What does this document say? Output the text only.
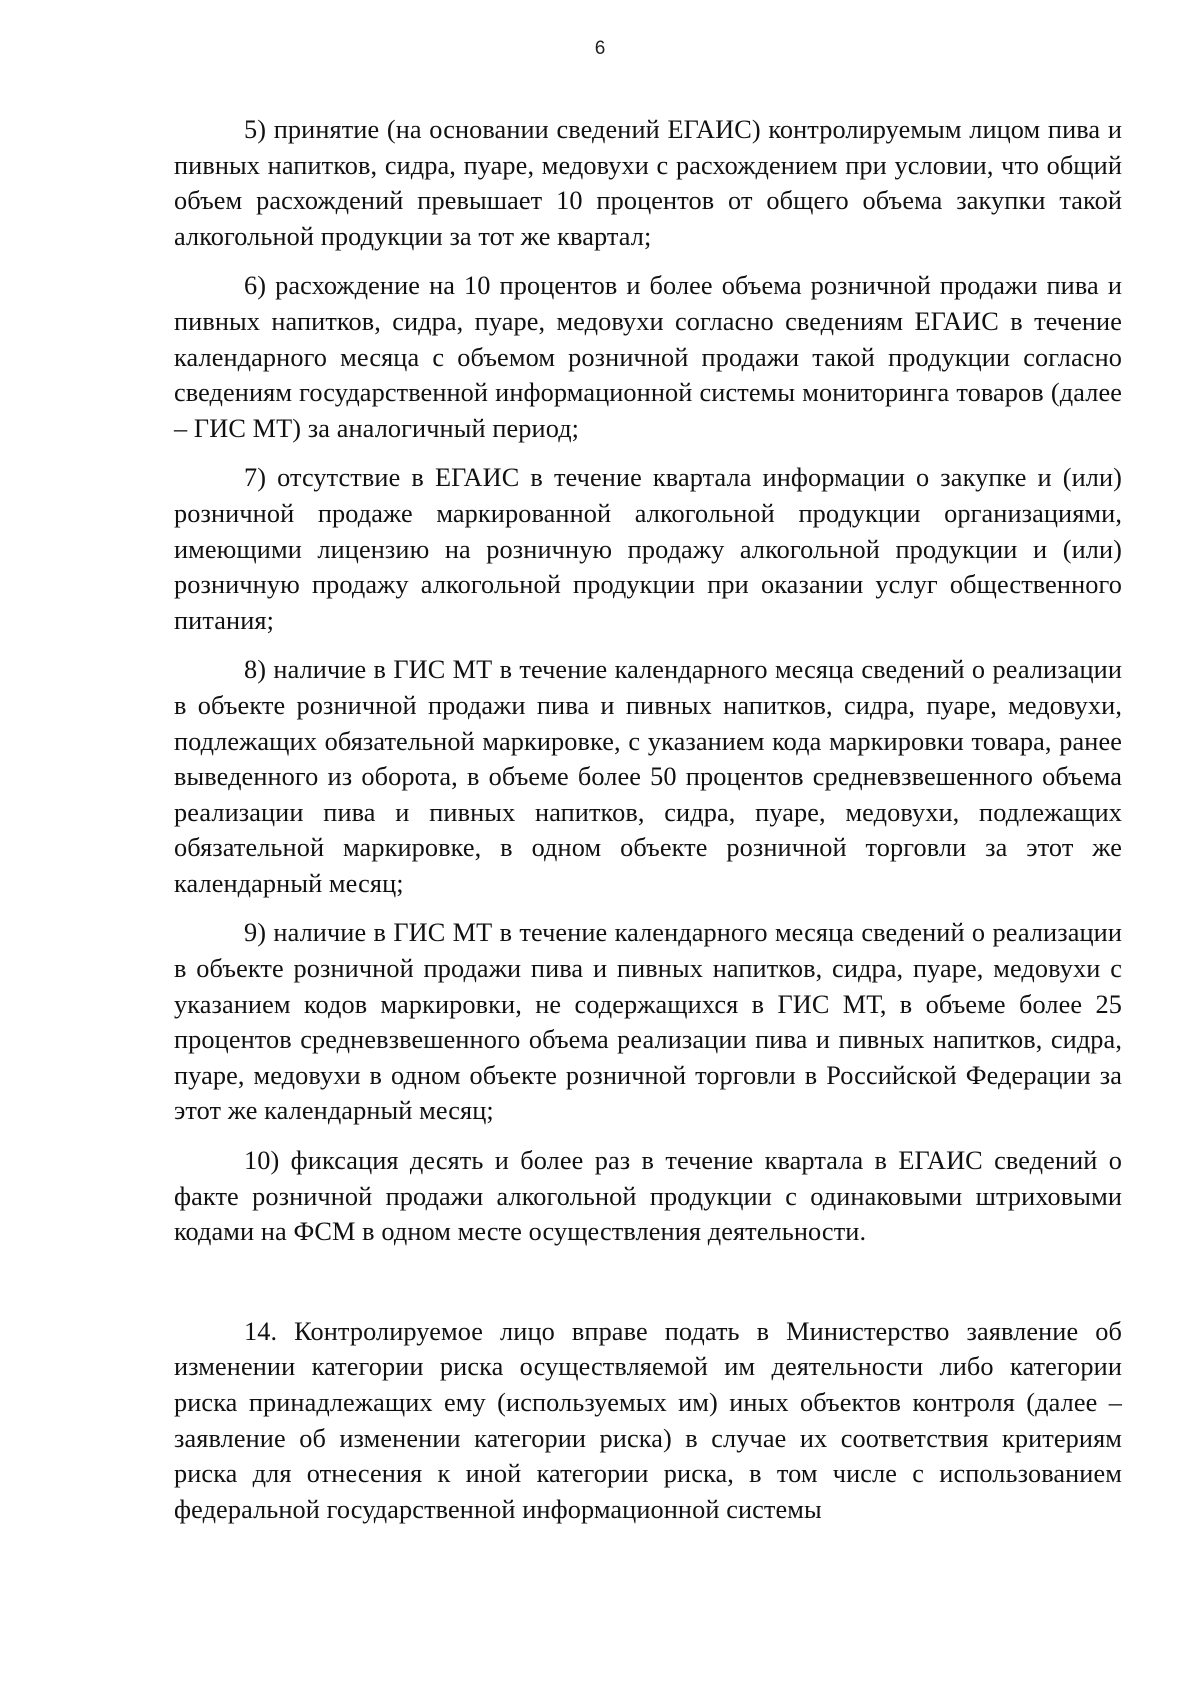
6

5) принятие (на основании сведений ЕГАИС) контролируемым лицом пива и пивных напитков, сидра, пуаре, медовухи с расхождением при условии, что общий объем расхождений превышает 10 процентов от общего объема закупки такой алкогольной продукции за тот же квартал;

6) расхождение на 10 процентов и более объема розничной продажи пива и пивных напитков, сидра, пуаре, медовухи согласно сведениям ЕГАИС в течение календарного месяца с объемом розничной продажи такой продукции согласно сведениям государственной информационной системы мониторинга товаров (далее – ГИС МТ) за аналогичный период;

7) отсутствие в ЕГАИС в течение квартала информации о закупке и (или) розничной продаже маркированной алкогольной продукции организациями, имеющими лицензию на розничную продажу алкогольной продукции и (или) розничную продажу алкогольной продукции при оказании услуг общественного питания;

8) наличие в ГИС МТ в течение календарного месяца сведений о реализации в объекте розничной продажи пива и пивных напитков, сидра, пуаре, медовухи, подлежащих обязательной маркировке, с указанием кода маркировки товара, ранее выведенного из оборота, в объеме более 50 процентов средневзвешенного объема реализации пива и пивных напитков, сидра, пуаре, медовухи, подлежащих обязательной маркировке, в одном объекте розничной торговли за этот же календарный месяц;

9) наличие в ГИС МТ в течение календарного месяца сведений о реализации в объекте розничной продажи пива и пивных напитков, сидра, пуаре, медовухи с указанием кодов маркировки, не содержащихся в ГИС МТ, в объеме более 25 процентов средневзвешенного объема реализации пива и пивных напитков, сидра, пуаре, медовухи в одном объекте розничной торговли в Российской Федерации за этот же календарный месяц;

10) фиксация десять и более раз в течение квартала в ЕГАИС сведений о факте розничной продажи алкогольной продукции с одинаковыми штриховыми кодами на ФСМ в одном месте осуществления деятельности.

14. Контролируемое лицо вправе подать в Министерство заявление об изменении категории риска осуществляемой им деятельности либо категории риска принадлежащих ему (используемых им) иных объектов контроля (далее – заявление об изменении категории риска) в случае их соответствия критериям риска для отнесения к иной категории риска, в том числе с использованием федеральной государственной информационной системы
